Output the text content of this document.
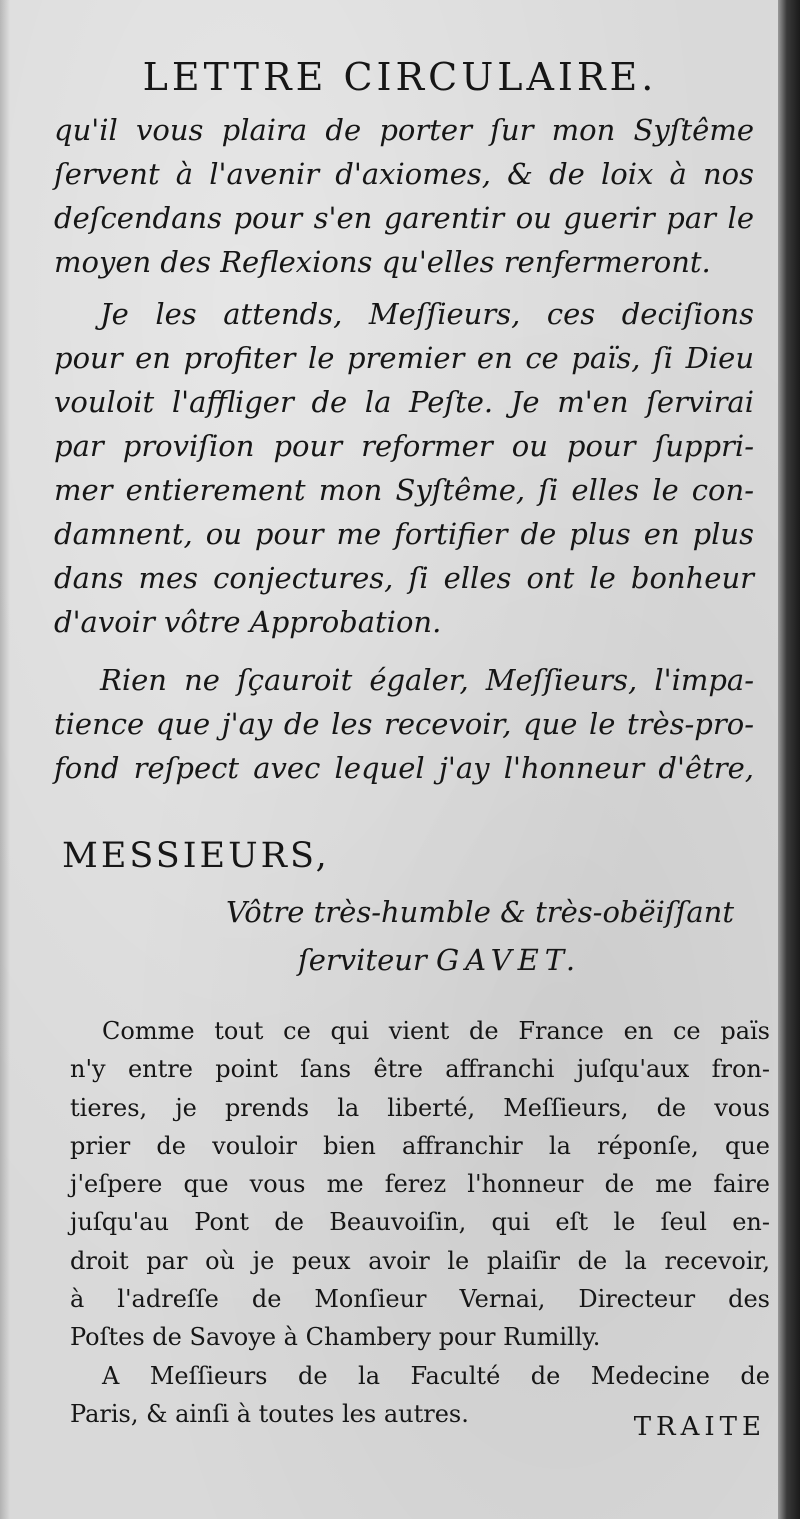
LETTRE CIRCULAIRE.
qu'il vous plaira de porter ſur mon Syſtême
ſervent à l'avenir d'axiomes, & de loix à nos
deſcendans pour s'en garentir ou guerir par le
moyen des Reflexions qu'elles renfermeront.
Je les attends, Meſſieurs, ces deciſions
pour en profiter le premier en ce païs, ſi Dieu
vouloit l'affliger de la Peſte. Je m'en ſervirai
par proviſion pour reformer ou pour ſuppri-
mer entierement mon Syſtême, ſi elles le con-
damnent, ou pour me fortifier de plus en plus
dans mes conjectures, ſi elles ont le bonheur
d'avoir vôtre Approbation.
Rien ne ſçauroit égaler, Meſſieurs, l'impa-
tience que j'ay de les recevoir, que le très-pro-
fond reſpect avec lequel j'ay l'honneur d'être,
MESSIEURS,
Vôtre très-humble & très-obëiſſant
ſerviteur GAVET.
Comme tout ce qui vient de France en ce païs
n'y entre point ſans être affranchi juſqu'aux fron-
tieres, je prends la liberté, Meſſieurs, de vous
prier de vouloir bien affranchir la réponſe, que
j'eſpere que vous me ferez l'honneur de me faire
juſqu'au Pont de Beauvoiſin, qui eſt le ſeul en-
droit par où je peux avoir le plaiſir de la recevoir,
à l'adreſſe de Monſieur Vernai, Directeur des
Poſtes de Savoye à Chambery pour Rumilly.
A Meſſieurs de la Faculté de Medecine de
Paris, & ainſi à toutes les autres.	TRAITE
